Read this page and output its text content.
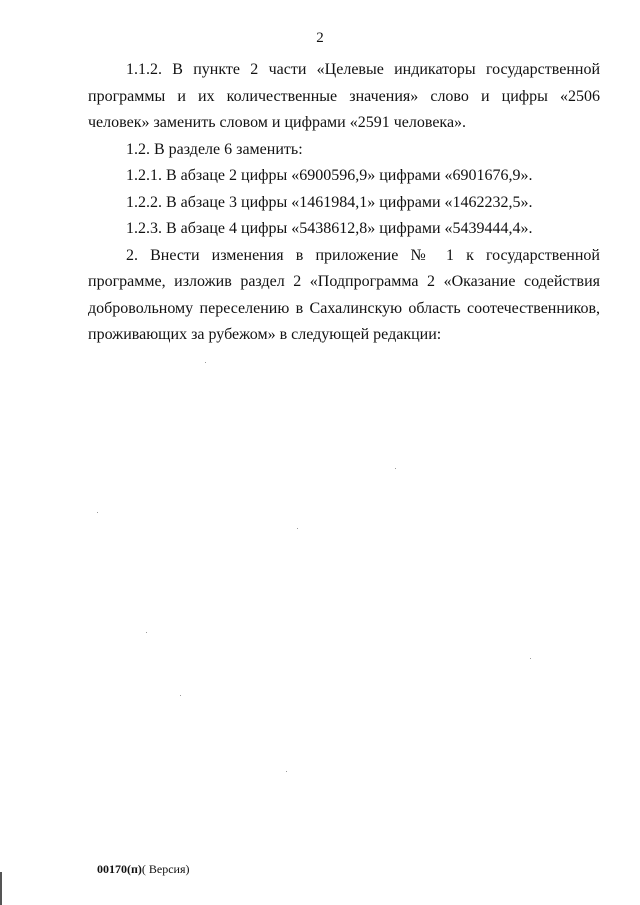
2

1.1.2. В пункте 2 части «Целевые индикаторы государственной программы и их количественные значения» слово и цифры «2506 человек» заменить словом и цифрами «2591 человека».

1.2. В разделе 6 заменить:

1.2.1. В абзаце 2 цифры «6900596,9» цифрами «6901676,9».

1.2.2. В абзаце 3 цифры «1461984,1» цифрами «1462232,5».

1.2.3. В абзаце 4 цифры «5438612,8» цифрами «5439444,4».

2. Внести изменения в приложение № 1 к государственной программе, изложив раздел 2 «Подпрограмма 2 «Оказание содействия добровольному переселению в Сахалинскую область соотечественников, проживающих за рубежом» в следующей редакции:

00170(п)( Версия)
